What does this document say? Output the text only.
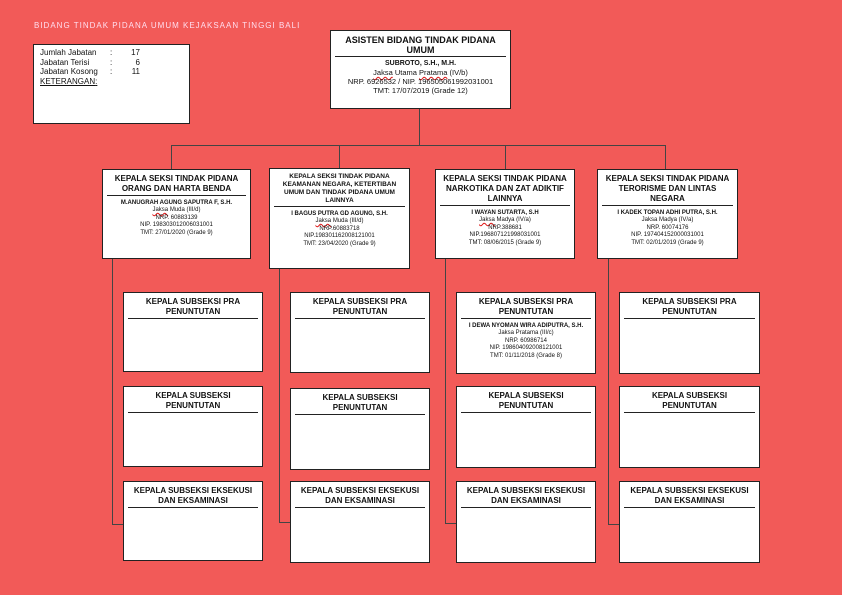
BIDANG TINDAK PIDANA UMUM KEJAKSAAN TINGGI BALI
Jumlah Jabatan	:	17
Jabatan Terisi	:	6
Jabatan Kosong	:	11
KETERANGAN:
ASISTEN BIDANG TINDAK PIDANA UMUM
SUBROTO, S.H., M.H.
Jaksa Utama Pratama (IV/b)
NRP. 6926532 / NIP. 196505061992031001
TMT: 17/07/2019 (Grade 12)
KEPALA SEKSI TINDAK PIDANA ORANG DAN HARTA BENDA
M.ANUGRAH AGUNG SAPUTRA F, S.H.
Jaksa Muda (III/d)
NRP. 60883139
NIP. 198303012006031001
TMT: 27/01/2020 (Grade 9)
KEPALA SEKSI TINDAK PIDANA KEAMANAN NEGARA, KETERTIBAN UMUM DAN TINDAK PIDANA UMUM LAINNYA
I BAGUS PUTRA GD AGUNG, S.H.
Jaksa Muda (III/d)
NRP.60883718
NIP.198301162008121001
TMT: 23/04/2020 (Grade 9)
KEPALA SEKSI TINDAK PIDANA NARKOTIKA DAN ZAT ADIKTIF LAINNYA
I WAYAN SUTARTA, S.H
Jaksa Madya (IV/a)
NRP.388681
NIP.196807121998031001
TMT: 08/06/2015 (Grade 9)
KEPALA SEKSI TINDAK PIDANA TERORISME DAN LINTAS NEGARA
I KADEK TOPAN ADHI PUTRA, S.H.
Jaksa Madya (IV/a)
NRP. 60074176
NIP. 197404152000031001
TMT: 02/01/2019 (Grade 9)
KEPALA SUBSEKSI PRA PENUNTUTAN
KEPALA SUBSEKSI PENUNTUTAN
KEPALA SUBSEKSI EKSEKUSI DAN EKSAMINASI
KEPALA SUBSEKSI PRA PENUNTUTAN
KEPALA SUBSEKSI PENUNTUTAN
KEPALA SUBSEKSI EKSEKUSI DAN EKSAMINASI
KEPALA SUBSEKSI PRA PENUNTUTAN
I DEWA NYOMAN WIRA ADIPUTRA, S.H.
Jaksa Pratama (III/c)
NRP. 60986714
NIP. 198604092008121001
TMT: 01/11/2018 (Grade 8)
KEPALA SUBSEKSI PENUNTUTAN
KEPALA SUBSEKSI EKSEKUSI DAN EKSAMINASI
KEPALA SUBSEKSI PRA PENUNTUTAN
KEPALA SUBSEKSI PENUNTUTAN
KEPALA SUBSEKSI EKSEKUSI DAN EKSAMINASI
